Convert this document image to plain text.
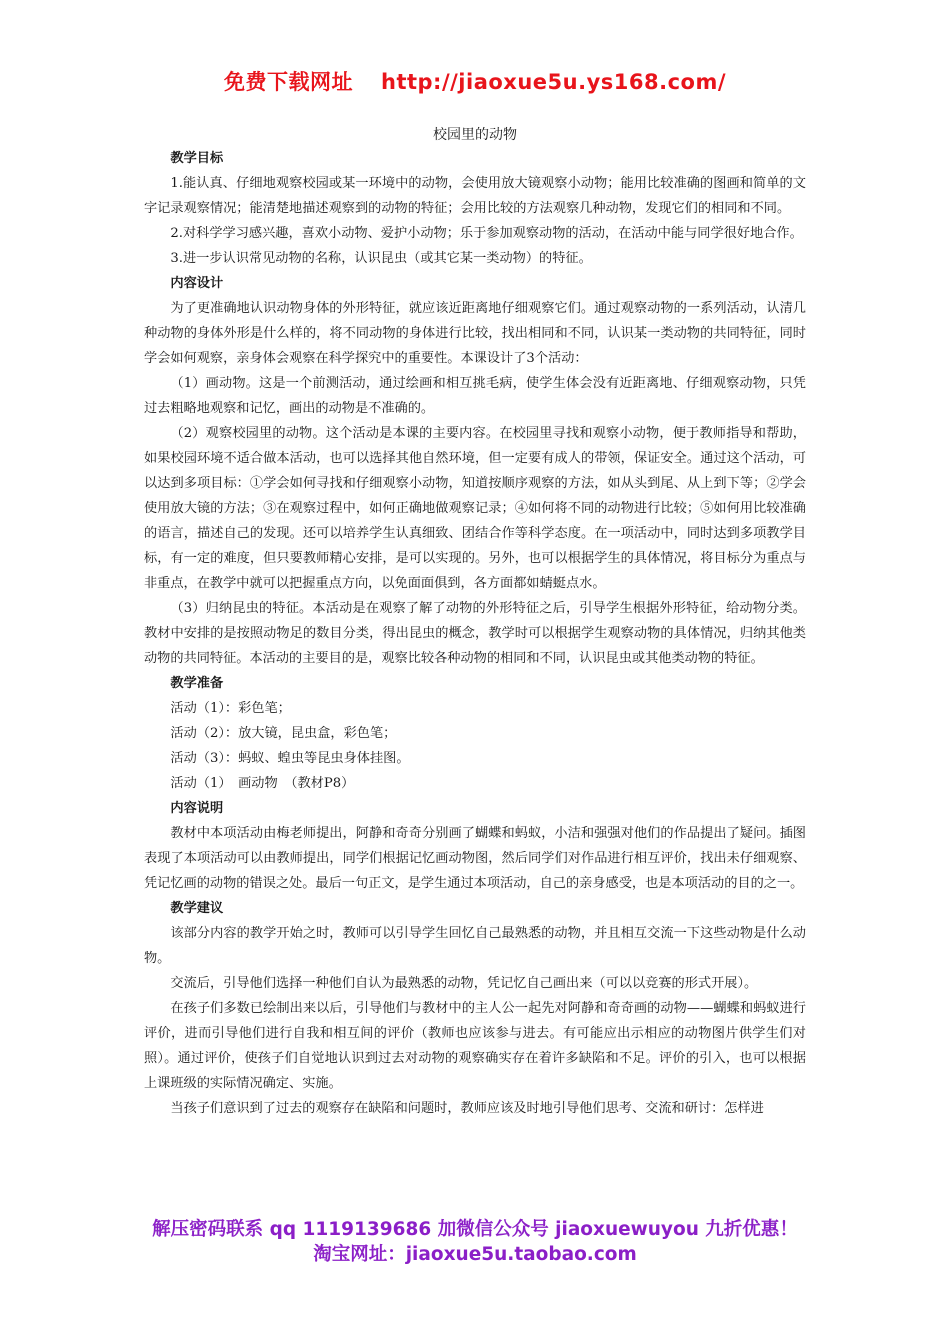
免费下载网址 http://jiaoxue5u.ys168.com/
校园里的动物
教学目标

1.能认真、仔细地观察校园或某一环境中的动物，会使用放大镜观察小动物；能用比较准确的图画和简单的文字记录观察情况；能清楚地描述观察到的动物的特征；会用比较的方法观察几种动物，发现它们的相同和不同。

2.对科学学习感兴趣，喜欢小动物、爱护小动物；乐于参加观察动物的活动，在活动中能与同学很好地合作。

3.进一步认识常见动物的名称，认识昆虫（或其它某一类动物）的特征。

内容设计

为了更准确地认识动物身体的外形特征，就应该近距离地仔细观察它们。通过观察动物的一系列活动，认清几种动物的身体外形是什么样的，将不同动物的身体进行比较，找出相同和不同，认识某一类动物的共同特征，同时学会如何观察，亲身体会观察在科学探究中的重要性。本课设计了3个活动：

（1）画动物。这是一个前测活动，通过绘画和相互挑毛病，使学生体会没有近距离地、仔细观察动物，只凭过去粗略地观察和记忆，画出的动物是不准确的。

（2）观察校园里的动物。这个活动是本课的主要内容。在校园里寻找和观察小动物，便于教师指导和帮助，如果校园环境不适合做本活动，也可以选择其他自然环境，但一定要有成人的带领，保证安全。通过这个活动，可以达到多项目标：①学会如何寻找和仔细观察小动物，知道按顺序观察的方法，如从头到尾、从上到下等；②学会使用放大镜的方法；③在观察过程中，如何正确地做观察记录；④如何将不同的动物进行比较；⑤如何用比较准确的语言，描述自己的发现。还可以培养学生认真细致、团结合作等科学态度。在一项活动中，同时达到多项教学目标，有一定的难度，但只要教师精心安排，是可以实现的。另外，也可以根据学生的具体情况，将目标分为重点与非重点，在教学中就可以把握重点方向，以免面面俱到，各方面都如蜻蜓点水。

（3）归纳昆虫的特征。本活动是在观察了解了动物的外形特征之后，引导学生根据外形特征，给动物分类。教材中安排的是按照动物足的数目分类，得出昆虫的概念，教学时可以根据学生观察动物的具体情况，归纳其他类动物的共同特征。本活动的主要目的是，观察比较各种动物的相同和不同，认识昆虫或其他类动物的特征。

教学准备
活动（1）：彩色笔；
活动（2）：放大镜，昆虫盒，彩色笔；
活动（3）：蚂蚁、蝗虫等昆虫身体挂图。
活动（1）　画动物　（教材P8）
内容说明

教材中本项活动由梅老师提出，阿静和奇奇分别画了蝴蝶和蚂蚁，小洁和强强对他们的作品提出了疑问。插图表现了本项活动可以由教师提出，同学们根据记忆画动物图，然后同学们对作品进行相互评价，找出未仔细观察、凭记忆画的动物的错误之处。最后一句正文，是学生通过本项活动，自己的亲身感受，也是本项活动的目的之一。

教学建议

该部分内容的教学开始之时，教师可以引导学生回忆自己最熟悉的动物，并且相互交流一下这些动物是什么动物。

交流后，引导他们选择一种他们自认为最熟悉的动物，凭记忆自己画出来（可以以竞赛的形式开展）。

在孩子们多数已绘制出来以后，引导他们与教材中的主人公一起先对阿静和奇奇画的动物——蝴蝶和蚂蚁进行评价，进而引导他们进行自我和相互间的评价（教师也应该参与进去。有可能应出示相应的动物图片供学生们对照）。通过评价，使孩子们自觉地认识到过去对动物的观察确实存在着许多缺陷和不足。评价的引入，也可以根据上课班级的实际情况确定、实施。

当孩子们意识到了过去的观察存在缺陷和问题时，教师应该及时地引导他们思考、交流和研讨：怎样进

解压密码联系 qq 1119139686 加微信公众号 jiaoxuewuyou 九折优惠！
淘宝网址：jiaoxue5u.taobao.com
